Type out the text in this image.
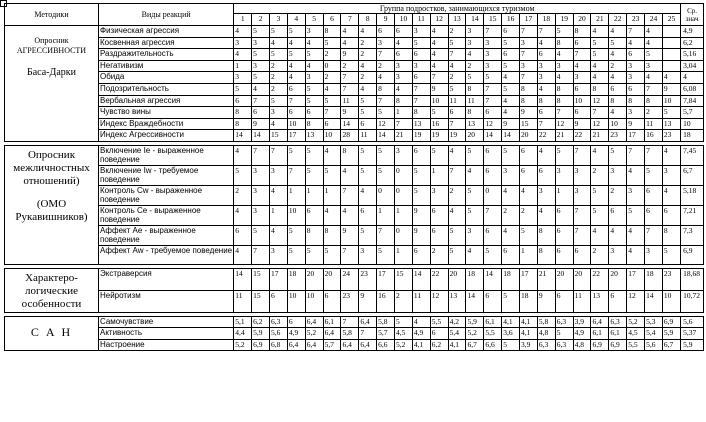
Методики	Виды реакций	Группа подростков, занимающихся туризмом																									Ср. знач
		1	2	3	4	5	6	7	8	9	10	11	12	13	14	15	16	17	18	19	20	21	22	23	24	25	

Опросник
АГРЕССИВНОСТИ
Баса-Дарки	Физическая агрессия	4	5	5	5	3	8	4	4	6	6	3	4	2	3	7	6	7	7	5	8	4	4	7	4		4,9
	Косвенная агрессия	3	3	4	4	4	5	4	2	3	4	5	4	5	3	3	5	3	4	8	6	5	5	4	4		6,2
	Раздражительность	4	5	5	5	5	2	9	2	7	6	6	4	7	4	3	6	7	6	4	7	5	4	6	5		5,16
	Негативизм	1	3	2	4	4	0	2	4	2	3	3	4	4	2	3	5	3	3	3	4	4	2	3	3		3,04
	Обида	3	5	2	4	3	2	7	2	4	3	6	7	2	5	5	4	7	3	4	3	4	4	3	4	4	4
	Подозрительность	5	4	2	6	5	4	7	4	8	4	7	9	5	8	7	5	8	4	8	6	8	6	6	7	9	6,08
	Вербальная агрессия	6	7	5	7	5	5	11	5	7	8	7	10	11	11	7	4	8	8	8	10	12	8	8	8	10	7,84
	Чувство вины	8	6	3	6	6	7	9	5	5	1	8	5	6	8	6	4	9	6	7	6	7	4	3	2	5	5,7
	Индекс Враждебности	8	9	4	10	8	6	14	6	12	7	13	16	7	13	12	9	15	7	12	9	12	10	9	11	13	10
	Индекс Агрессивности	14	14	15	17	13	10	28	11	14	21	19	19	19	20	14	14	20	22	21	22	21	23	17	16	23	18

Опросник
межличностных
отношений)
(ОМО
Рукавишников)	Включение Ie - выраженное поведение	4	7	7	5	5	4	8	5	5	3	6	5	4	5	6	5	6	4	5	7	4	5	7	7	4	7,45
	Включение Iw - требуемое поведение	5	3	3	7	5	5	4	5	5	0	5	1	7	4	6	3	6	6	3	3	2	3	4	5	3	6,7
	Контроль Cw - выраженное поведение	2	3	4	1	1	1	7	4	0	0	5	3	2	5	0	4	4	3	1	3	5	2	3	6	4	5,18
	Контроль Ce - выраженное поведение	4	3	1	10	6	4	4	6	1	1	9	6	4	5	7	2	2	4	6	7	5	6	5	6	6	7,21
	Аффект Ae - выраженное поведение	6	5	4	5	8	8	9	5	7	0	9	6	5	3	6	4	5	8	6	7	4	4	4	7	8	7,3
	Аффект Aw - требуемое поведение	4	7	3	5	5	5	7	3	5	1	6	2	5	4	5	6	1	8	6	6	2	3	4	3	5	6,9

Характеро-
логические
особенности	Экстраверсия	14	15	17	18	20	20	24	23	17	15	14	22	20	18	14	18	17	21	20	20	22	20	17	18	23	18,68
	Нейротизм	11	15	6	10	10	6	23	9	16	2	11	12	13	14	6	5	18	9	6	11	13	6	12	14	10	10,72

С А Н	Самочувствие	5,1	6,2	6,3	6	6,4	6,1	7	6,4	5,8	5	4	5,5	4,2	5,9	6,1	4,1	4,1	5,8	6,3	3,9	6,4	6,3	5,2	5,3	6,9	5,6
	Активность	4,4	5,9	5,6	4,9	5,2	6,4	5,8	7	5,7	4,5	4,9	6	5,4	5,2	5,5	3,6	4,1	4,8	5	4,9	6,1	6,1	4,5	5,4	5,9	5,37
	Настроение	5,2	6,9	6,8	6,4	6,4	5,7	6,4	6,4	6,6	5,2	4,1	6,2	4,1	6,7	6,6	5	3,9	6,3	6,3	4,8	6,9	6,9	5,5	5,6	6,7	5,9
